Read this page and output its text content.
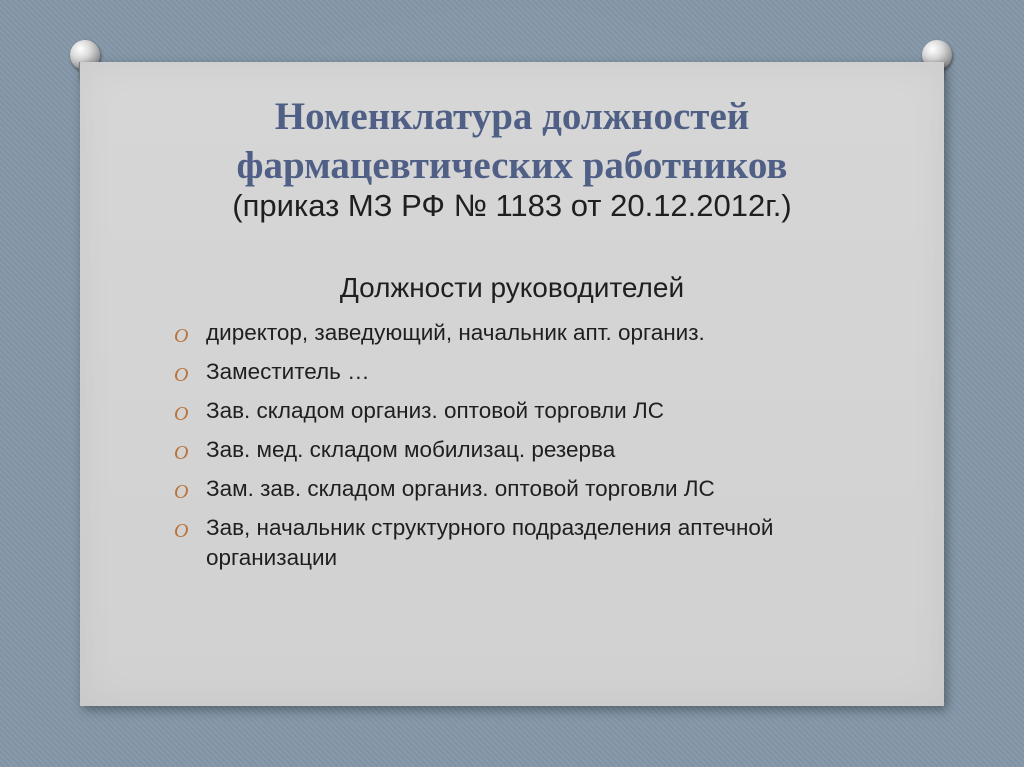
Номенклатура должностей
фармацевтических работников

(приказ МЗ РФ № 1183 от 20.12.2012г.)

Должности руководителей

O директор, заведующий, начальник апт. организ.
O Заместитель …
O Зав. складом организ. оптовой торговли ЛС
O Зав. мед. складом мобилизац. резерва
O Зам. зав. складом организ. оптовой торговли ЛС
O Зав, начальник структурного подразделения аптечной организации
